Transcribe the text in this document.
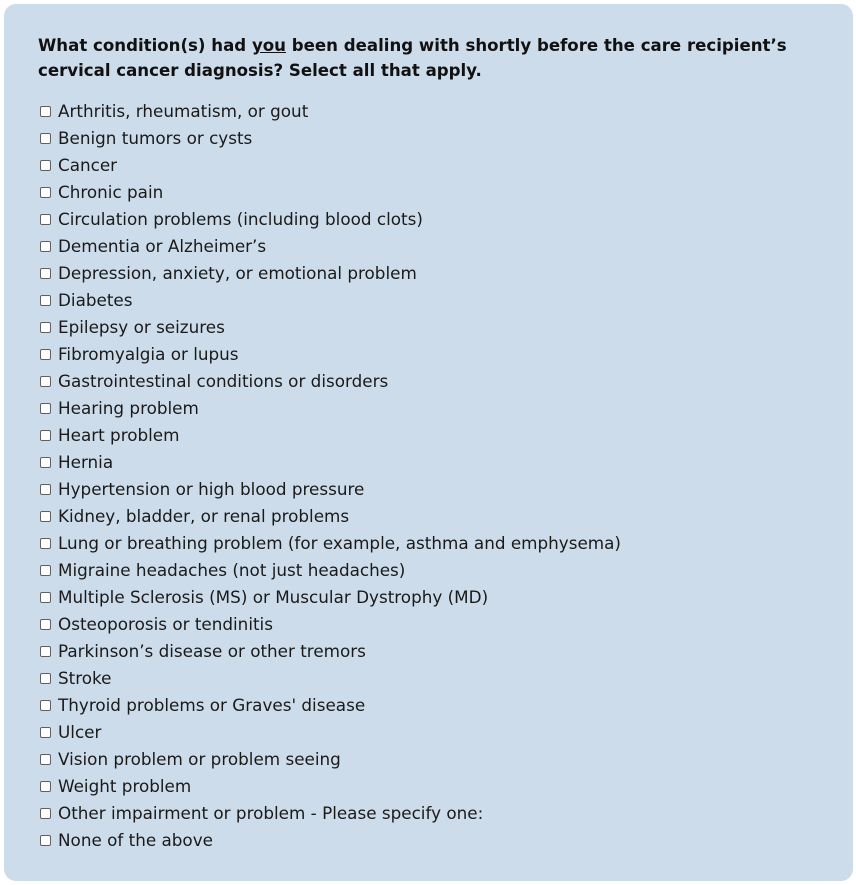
What condition(s) had you been dealing with shortly before the care recipient’s cervical cancer diagnosis? Select all that apply.

Arthritis, rheumatism, or gout
Benign tumors or cysts
Cancer
Chronic pain
Circulation problems (including blood clots)
Dementia or Alzheimer’s
Depression, anxiety, or emotional problem
Diabetes
Epilepsy or seizures
Fibromyalgia or lupus
Gastrointestinal conditions or disorders
Hearing problem
Heart problem
Hernia
Hypertension or high blood pressure
Kidney, bladder, or renal problems
Lung or breathing problem (for example, asthma and emphysema)
Migraine headaches (not just headaches)
Multiple Sclerosis (MS) or Muscular Dystrophy (MD)
Osteoporosis or tendinitis
Parkinson’s disease or other tremors
Stroke
Thyroid problems or Graves' disease
Ulcer
Vision problem or problem seeing
Weight problem
Other impairment or problem - Please specify one:
None of the above
